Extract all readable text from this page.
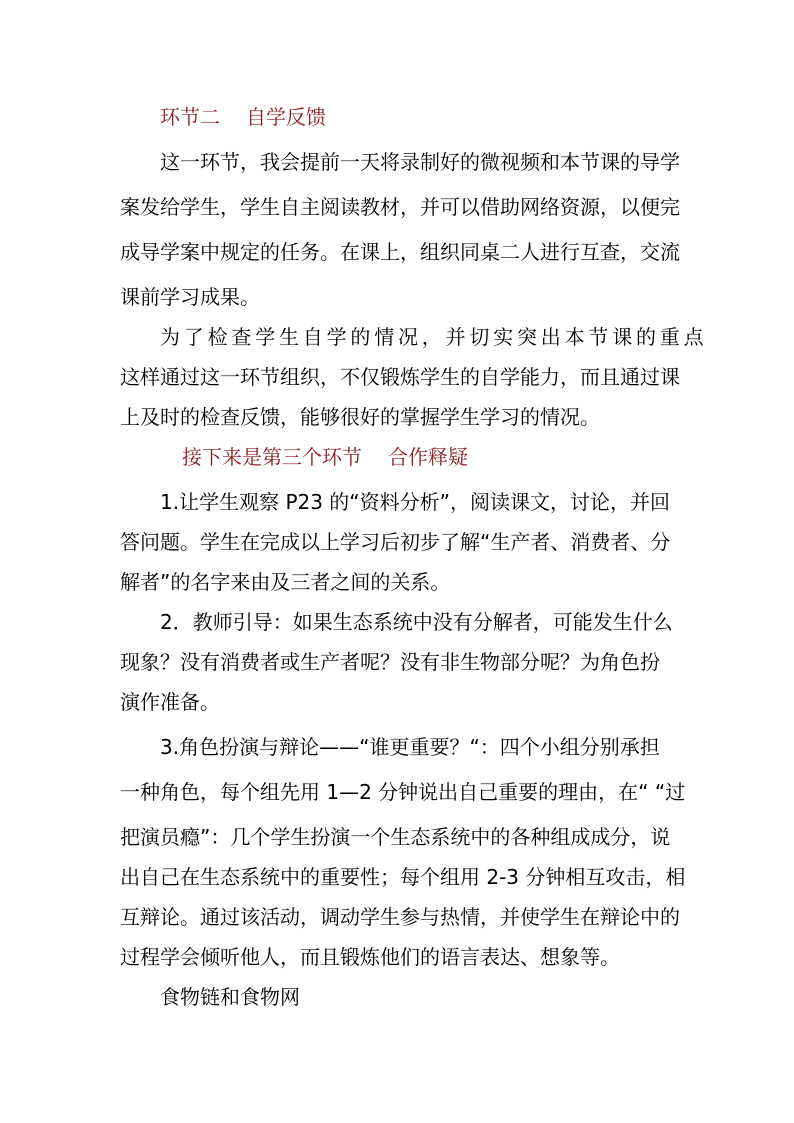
环节二 自学反馈
这一环节，我会提前一天将录制好的微视频和本节课的导学
案发给学生，学生自主阅读教材，并可以借助网络资源，以便完
成导学案中规定的任务。在课上，组织同桌二人进行互查，交流
课前学习成果。
为了检查学生自学的情况，并切实突出本节课的重点
这样通过这一环节组织，不仅锻炼学生的自学能力，而且通过课
上及时的检查反馈，能够很好的掌握学生学习的情况。
接下来是第三个环节 合作释疑
1.让学生观察 P23 的“资料分析”，阅读课文，讨论，并回
答问题。学生在完成以上学习后初步了解“生产者、消费者、分
解者”的名字来由及三者之间的关系。
2．教师引导：如果生态系统中没有分解者，可能发生什么
现象？没有消费者或生产者呢？没有非生物部分呢？为角色扮
演作准备。
3.角色扮演与辩论——“谁更重要？“：四个小组分别承担
一种角色，每个组先用 1—2 分钟说出自己重要的理由，在“ “过
把演员瘾”：几个学生扮演一个生态系统中的各种组成成分，说
出自己在生态系统中的重要性；每个组用 2-3 分钟相互攻击，相
互辩论。通过该活动，调动学生参与热情，并使学生在辩论中的
过程学会倾听他人，而且锻炼他们的语言表达、想象等。
食物链和食物网
